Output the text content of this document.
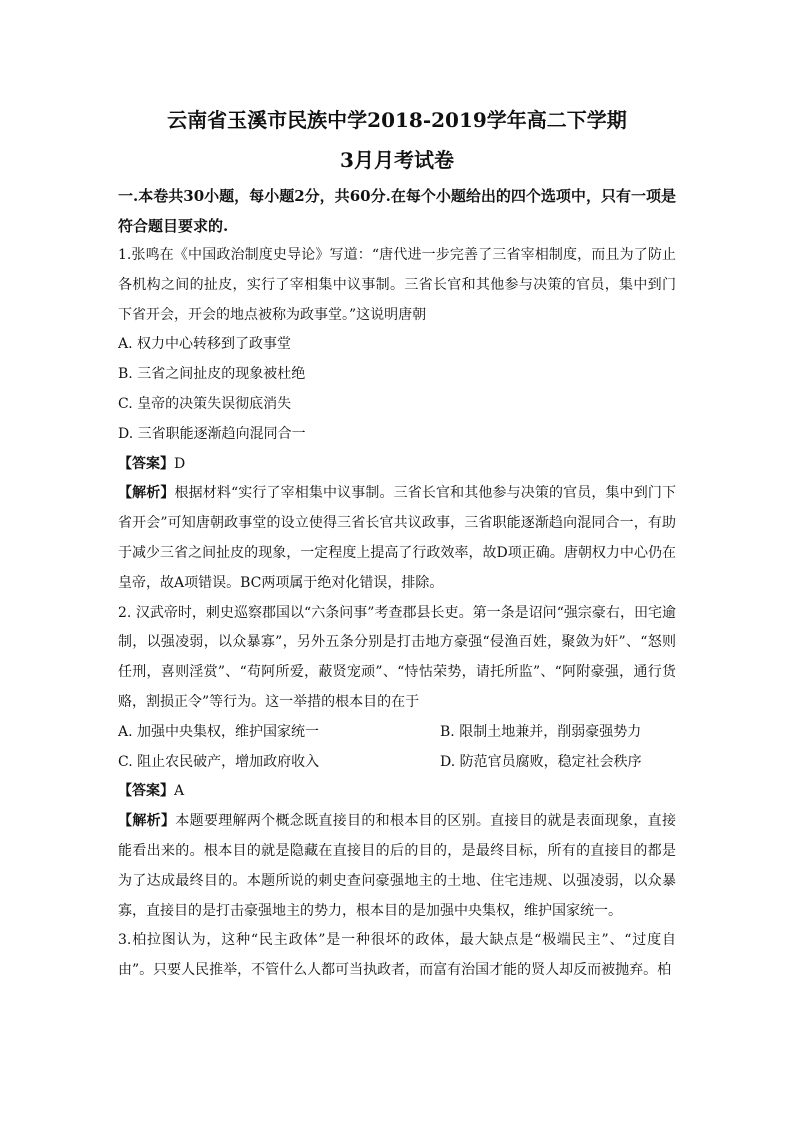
云南省玉溪市民族中学2018-2019学年高二下学期
3月月考试卷

一.本卷共30小题，每小题2分，共60分.在每个小题给出的四个选项中，只有一项是符合题目要求的.

1.张鸣在《中国政治制度史导论》写道：“唐代进一步完善了三省宰相制度，而且为了防止各机构之间的扯皮，实行了宰相集中议事制。三省长官和其他参与决策的官员，集中到门下省开会，开会的地点被称为政事堂。”这说明唐朝

A. 权力中心转移到了政事堂

B. 三省之间扯皮的现象被杜绝

C. 皇帝的决策失误彻底消失

D. 三省职能逐渐趋向混同合一

【答案】D

【解析】根据材料“实行了宰相集中议事制。三省长官和其他参与决策的官员，集中到门下省开会”可知唐朝政事堂的设立使得三省长官共议政事，三省职能逐渐趋向混同合一，有助于减少三省之间扯皮的现象，一定程度上提高了行政效率，故D项正确。唐朝权力中心仍在皇帝，故A项错误。BC两项属于绝对化错误，排除。

2. 汉武帝时，刺史巡察郡国以“六条问事”考查郡县长吏。第一条是诏问“强宗豪右，田宅逾制，以强凌弱，以众暴寡”，另外五条分别是打击地方豪强“侵渔百姓，聚敛为奸”、“怒则任刑，喜则淫赏”、“苟阿所爱，蔽贤宠顽”、“恃怙荣势，请托所监”、“阿附豪强，通行货赂，割损正令”等行为。这一举措的根本目的在于

A. 加强中央集权，维护国家统一	B. 限制土地兼并，削弱豪强势力
C. 阻止农民破产，增加政府收入	D. 防范官员腐败，稳定社会秩序

【答案】A

【解析】本题要理解两个概念既直接目的和根本目的区别。直接目的就是表面现象，直接能看出来的。根本目的就是隐藏在直接目的后的目的，是最终目标，所有的直接目的都是为了达成最终目的。本题所说的刺史查问豪强地主的土地、住宅违规、以强凌弱，以众暴寡，直接目的是打击豪强地主的势力，根本目的是加强中央集权，维护国家统一。

3.柏拉图认为，这种“民主政体”是一种很坏的政体，最大缺点是“极端民主”、“过度自由”。只要人民推举，不管什么人都可当执政者，而富有治国才能的贤人却反而被抛弃。柏
